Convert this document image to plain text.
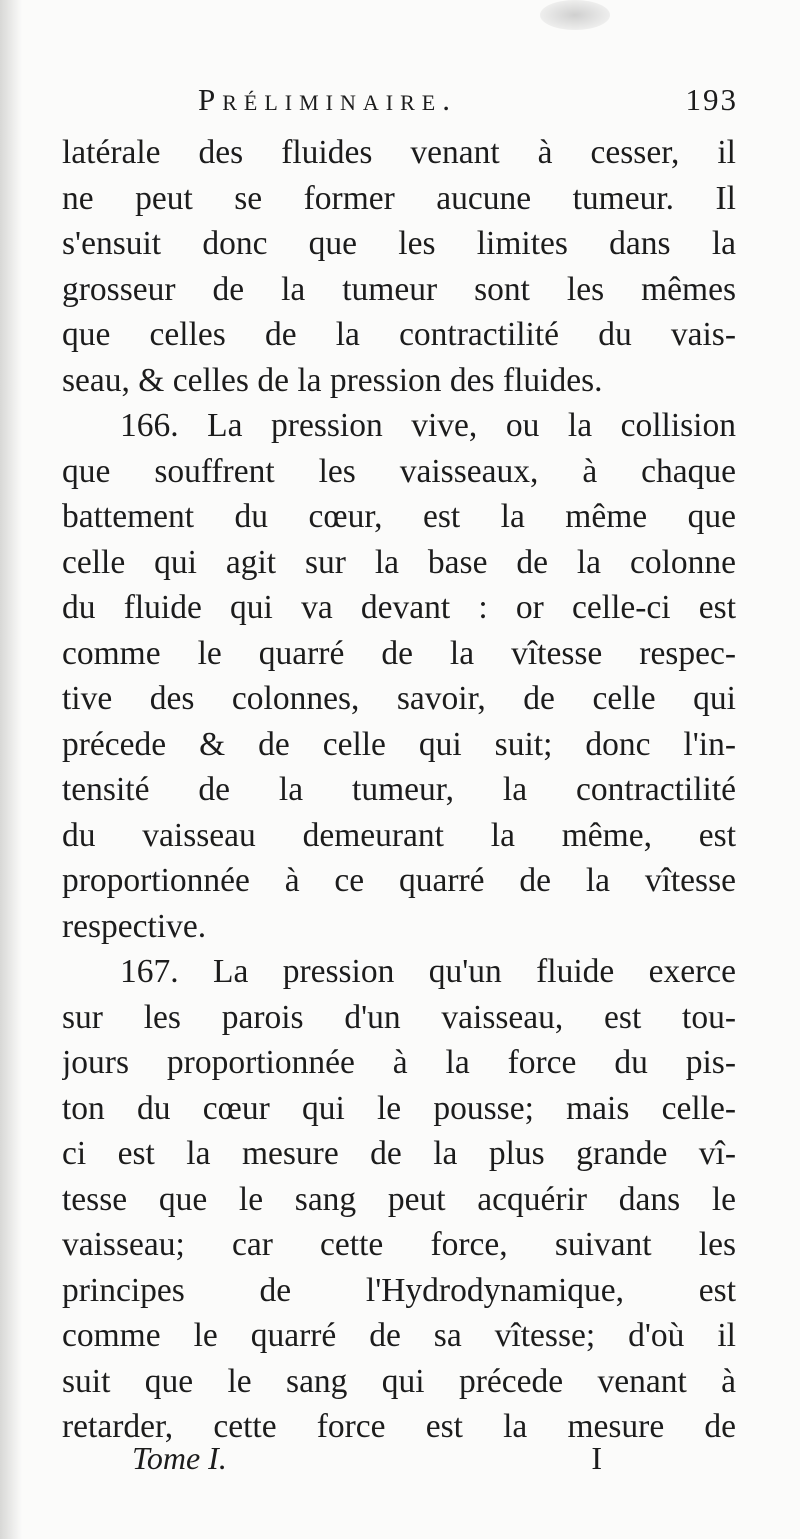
Préliminaire.	193
latérale des fluides venant à cesser, il
ne peut se former aucune tumeur. Il
s'ensuit donc que les limites dans la
grosseur de la tumeur sont les mêmes
que celles de la contractilité du vais-
seau, & celles de la pression des fluides.
166. La pression vive, ou la collision
que souffrent les vaisseaux, à chaque
battement du cœur, est la même que
celle qui agit sur la base de la colonne
du fluide qui va devant : or celle-ci est
comme le quarré de la vîtesse respec-
tive des colonnes, savoir, de celle qui
précede & de celle qui suit; donc l'in-
tensité de la tumeur, la contractilité
du vaisseau demeurant la même, est
proportionnée à ce quarré de la vîtesse
respective.
167. La pression qu'un fluide exerce
sur les parois d'un vaisseau, est tou-
jours proportionnée à la force du pis-
ton du cœur qui le pousse; mais celle-
ci est la mesure de la plus grande vî-
tesse que le sang peut acquérir dans le
vaisseau; car cette force, suivant les
principes de l'Hydrodynamique, est
comme le quarré de sa vîtesse; d'où il
suit que le sang qui précede venant à
retarder, cette force est la mesure de
Tome I.	I
